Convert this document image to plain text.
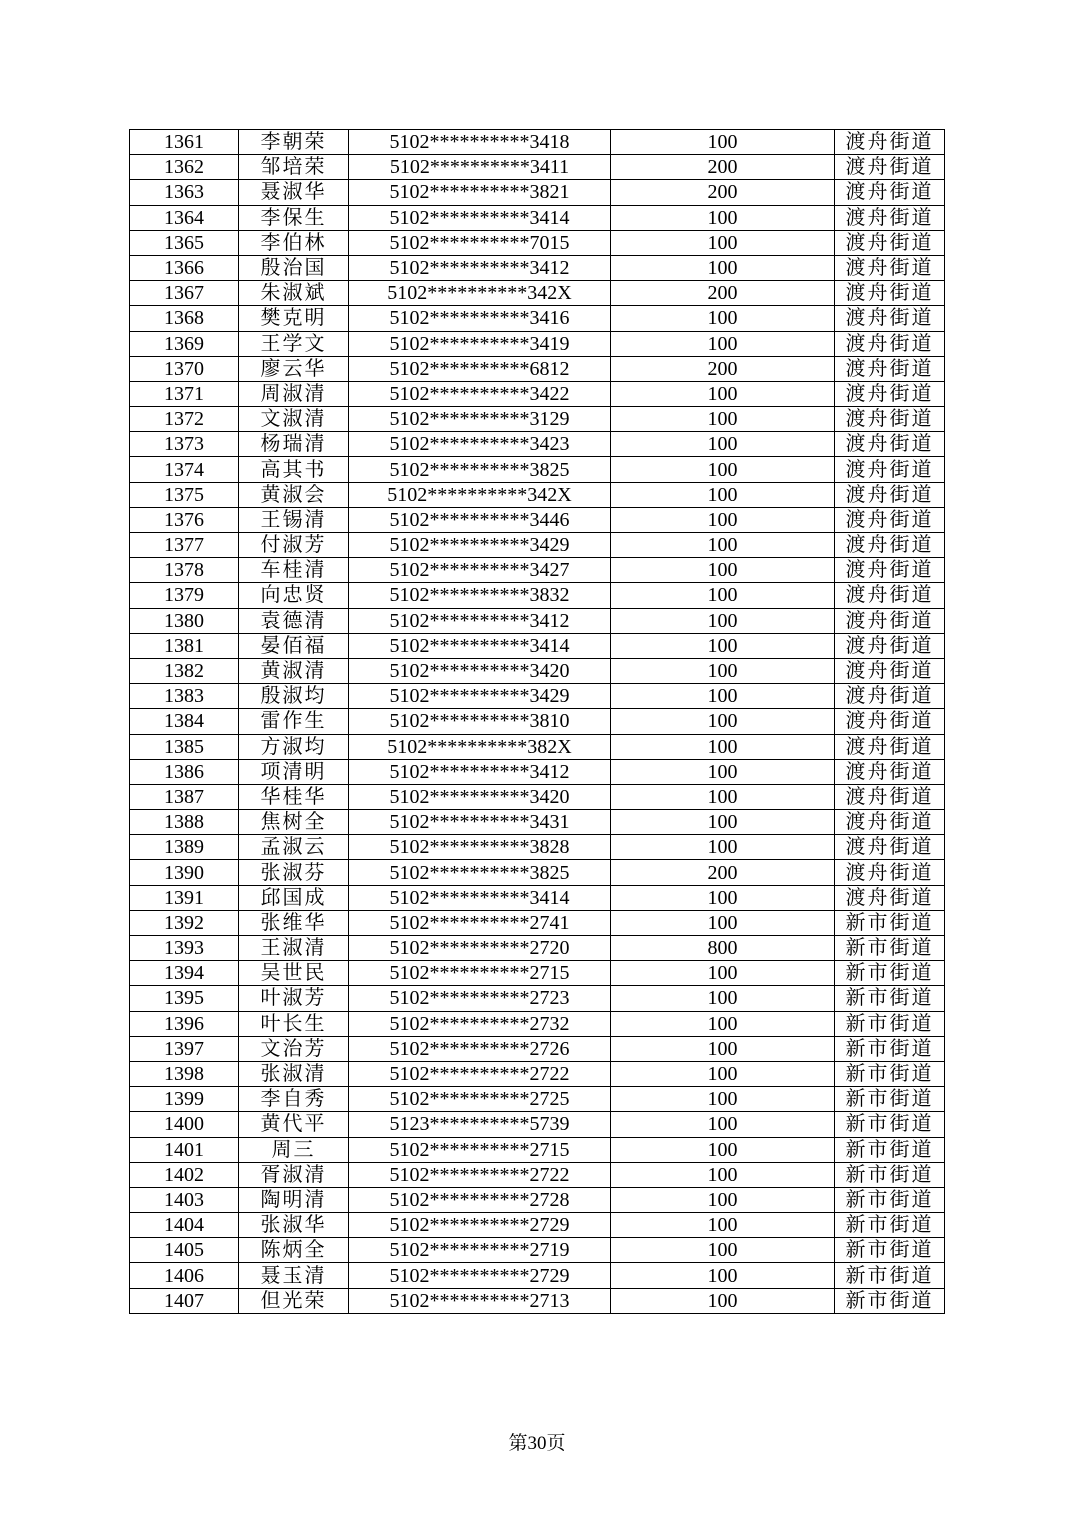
1361	李朝荣	5102**********3418	100	渡舟街道
1362	邹培荣	5102**********3411	200	渡舟街道
1363	聂淑华	5102**********3821	200	渡舟街道
1364	李保生	5102**********3414	100	渡舟街道
1365	李伯林	5102**********7015	100	渡舟街道
1366	殷治国	5102**********3412	100	渡舟街道
1367	朱淑斌	5102**********342X	200	渡舟街道
1368	樊克明	5102**********3416	100	渡舟街道
1369	王学文	5102**********3419	100	渡舟街道
1370	廖云华	5102**********6812	200	渡舟街道
1371	周淑清	5102**********3422	100	渡舟街道
1372	文淑清	5102**********3129	100	渡舟街道
1373	杨瑞清	5102**********3423	100	渡舟街道
1374	高其书	5102**********3825	100	渡舟街道
1375	黄淑会	5102**********342X	100	渡舟街道
1376	王锡清	5102**********3446	100	渡舟街道
1377	付淑芳	5102**********3429	100	渡舟街道
1378	车桂清	5102**********3427	100	渡舟街道
1379	向忠贤	5102**********3832	100	渡舟街道
1380	袁德清	5102**********3412	100	渡舟街道
1381	晏佰福	5102**********3414	100	渡舟街道
1382	黄淑清	5102**********3420	100	渡舟街道
1383	殷淑均	5102**********3429	100	渡舟街道
1384	雷作生	5102**********3810	100	渡舟街道
1385	方淑均	5102**********382X	100	渡舟街道
1386	项清明	5102**********3412	100	渡舟街道
1387	华桂华	5102**********3420	100	渡舟街道
1388	焦树全	5102**********3431	100	渡舟街道
1389	孟淑云	5102**********3828	100	渡舟街道
1390	张淑芬	5102**********3825	200	渡舟街道
1391	邱国成	5102**********3414	100	渡舟街道
1392	张维华	5102**********2741	100	新市街道
1393	王淑清	5102**********2720	800	新市街道
1394	吴世民	5102**********2715	100	新市街道
1395	叶淑芳	5102**********2723	100	新市街道
1396	叶长生	5102**********2732	100	新市街道
1397	文治芳	5102**********2726	100	新市街道
1398	张淑清	5102**********2722	100	新市街道
1399	李自秀	5102**********2725	100	新市街道
1400	黄代平	5123**********5739	100	新市街道
1401	周三	5102**********2715	100	新市街道
1402	胥淑清	5102**********2722	100	新市街道
1403	陶明清	5102**********2728	100	新市街道
1404	张淑华	5102**********2729	100	新市街道
1405	陈炳全	5102**********2719	100	新市街道
1406	聂玉清	5102**********2729	100	新市街道
1407	但光荣	5102**********2713	100	新市街道
第30页
